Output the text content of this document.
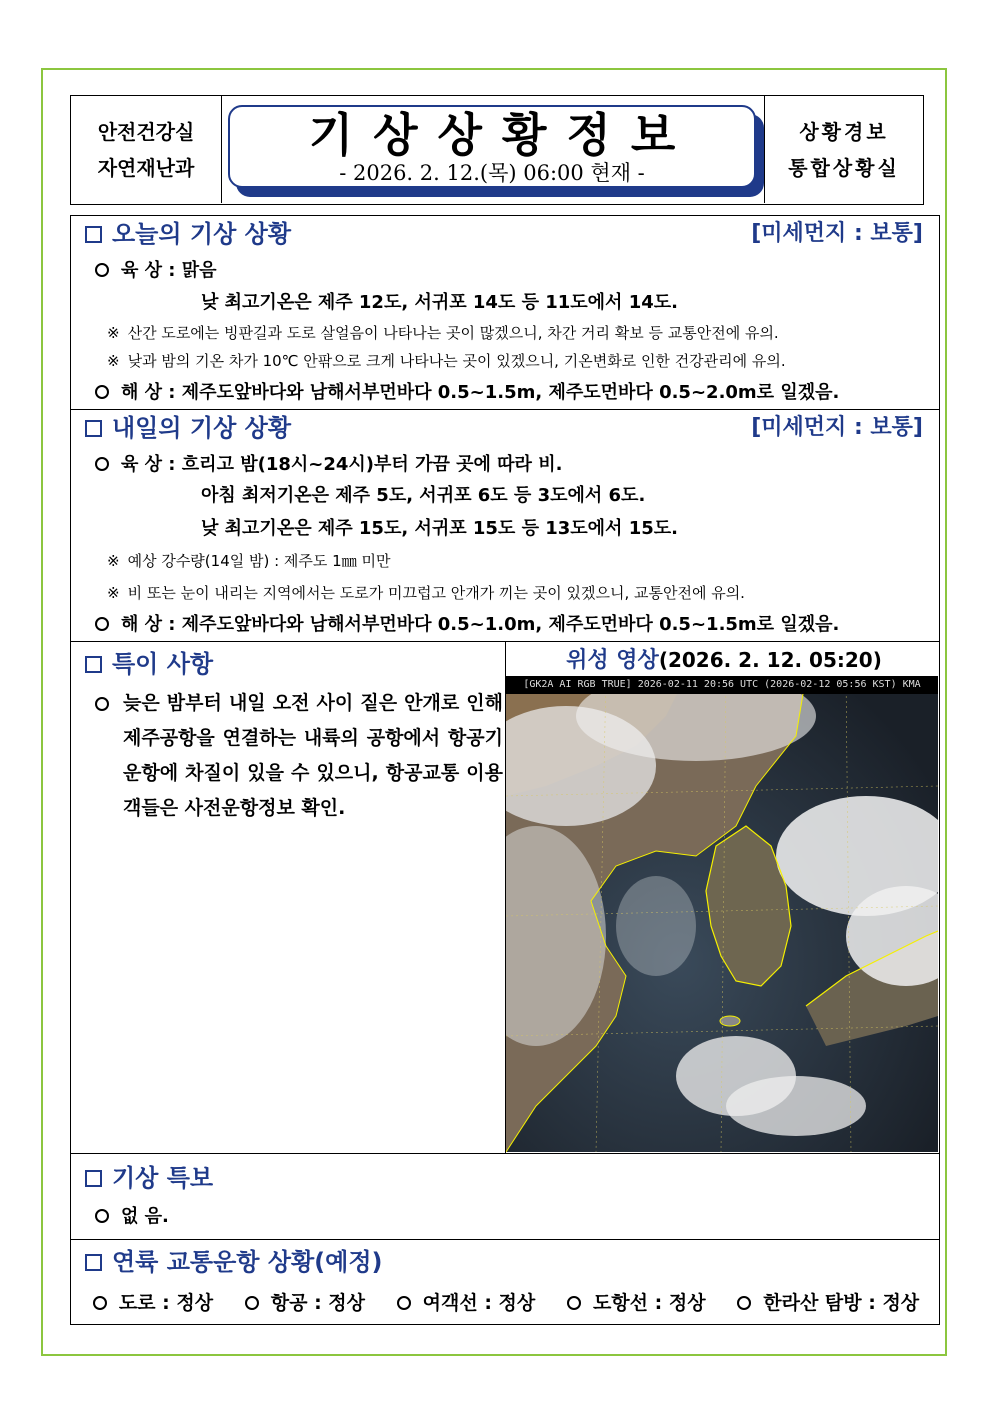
안전건강실
자연재난과
기상상황정보
- 2026. 2. 12.(목) 06:00 현재 -
상황경보
통합상황실
오늘의 기상 상황	[미세먼지 : 보통]
육 상 : 맑음
낮 최고기온은 제주 12도, 서귀포 14도 등 11도에서 14도.
※ 산간 도로에는 빙판길과 도로 살얼음이 나타나는 곳이 많겠으니, 차간 거리 확보 등 교통안전에 유의.
※ 낮과 밤의 기온 차가 10℃ 안팎으로 크게 나타나는 곳이 있겠으니, 기온변화로 인한 건강관리에 유의.
해 상 : 제주도앞바다와 남해서부먼바다 0.5~1.5m, 제주도먼바다 0.5~2.0m로 일겠음.
내일의 기상 상황	[미세먼지 : 보통]
육 상 : 흐리고 밤(18시~24시)부터 가끔 곳에 따라 비.
아침 최저기온은 제주 5도, 서귀포 6도 등 3도에서 6도.
낮 최고기온은 제주 15도, 서귀포 15도 등 13도에서 15도.
※ 예상 강수량(14일 밤) : 제주도 1㎜ 미만
※ 비 또는 눈이 내리는 지역에서는 도로가 미끄럽고 안개가 끼는 곳이 있겠으니, 교통안전에 유의.
해 상 : 제주도앞바다와 남해서부먼바다 0.5~1.0m, 제주도먼바다 0.5~1.5m로 일겠음.
특이 사항
늦은 밤부터 내일 오전 사이 짙은 안개로 인해 제주공항을 연결하는 내륙의 공항에서 항공기 운항에 차질이 있을 수 있으니, 항공교통 이용객들은 사전운항정보 확인.
위성 영상(2026. 2. 12. 05:20)
[GK2A AI RGB TRUE] 2026-02-11 20:56 UTC (2026-02-12 05:56 KST) KMA
기상 특보
없 음.
연륙 교통운항 상황(예정)
도로 : 정상	항공 : 정상	여객선 : 정상	도항선 : 정상	한라산 탐방 : 정상
